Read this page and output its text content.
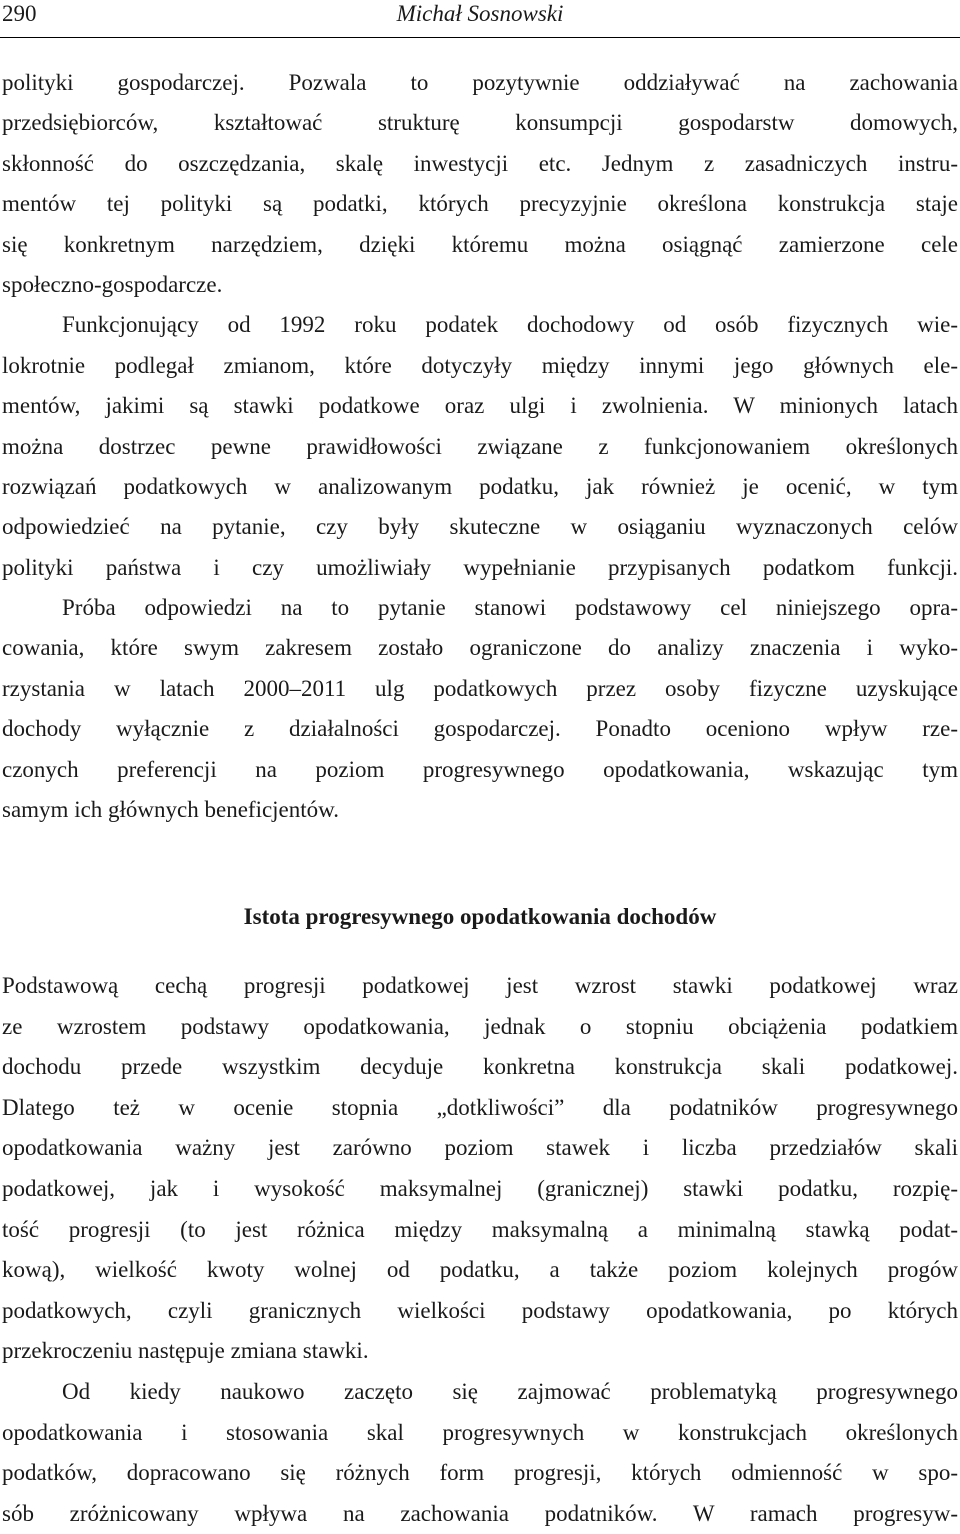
290	Michał Sosnowski
polityki gospodarczej. Pozwala to pozytywnie oddziaływać na zachowania
przedsiębiorców, kształtować strukturę konsumpcji gospodarstw domowych,
skłonność do oszczędzania, skalę inwestycji etc. Jednym z zasadniczych instru-
mentów tej polityki są podatki, których precyzyjnie określona konstrukcja staje
się konkretnym narzędziem, dzięki któremu można osiągnąć zamierzone cele
społeczno-gospodarcze.
Funkcjonujący od 1992 roku podatek dochodowy od osób fizycznych wie-
lokrotnie podlegał zmianom, które dotyczyły między innymi jego głównych ele-
mentów, jakimi są stawki podatkowe oraz ulgi i zwolnienia. W minionych latach
można dostrzec pewne prawidłowości związane z funkcjonowaniem określonych
rozwiązań podatkowych w analizowanym podatku, jak również je ocenić, w tym
odpowiedzieć na pytanie, czy były skuteczne w osiąganiu wyznaczonych celów
polityki państwa i czy umożliwiały wypełnianie przypisanych podatkom funkcji.
Próba odpowiedzi na to pytanie stanowi podstawowy cel niniejszego opra-
cowania, które swym zakresem zostało ograniczone do analizy znaczenia i wyko-
rzystania w latach 2000–2011 ulg podatkowych przez osoby fizyczne uzyskujące
dochody wyłącznie z działalności gospodarczej. Ponadto oceniono wpływ rze-
czonych preferencji na poziom progresywnego opodatkowania, wskazując tym
samym ich głównych beneficjentów.
Istota progresywnego opodatkowania dochodów
Podstawową cechą progresji podatkowej jest wzrost stawki podatkowej wraz
ze wzrostem podstawy opodatkowania, jednak o stopniu obciążenia podatkiem
dochodu przede wszystkim decyduje konkretna konstrukcja skali podatkowej.
Dlatego też w ocenie stopnia „dotkliwości” dla podatników progresywnego
opodatkowania ważny jest zarówno poziom stawek i liczba przedziałów skali
podatkowej, jak i wysokość maksymalnej (granicznej) stawki podatku, rozpię-
tość progresji (to jest różnica między maksymalną a minimalną stawką podat-
kową), wielkość kwoty wolnej od podatku, a także poziom kolejnych progów
podatkowych, czyli granicznych wielkości podstawy opodatkowania, po których
przekroczeniu następuje zmiana stawki.
Od kiedy naukowo zaczęto się zajmować problematyką progresywnego
opodatkowania i stosowania skal progresywnych w konstrukcjach określonych
podatków, dopracowano się różnych form progresji, których odmienność w spo-
sób zróżnicowany wpływa na zachowania podatników. W ramach progresyw-
